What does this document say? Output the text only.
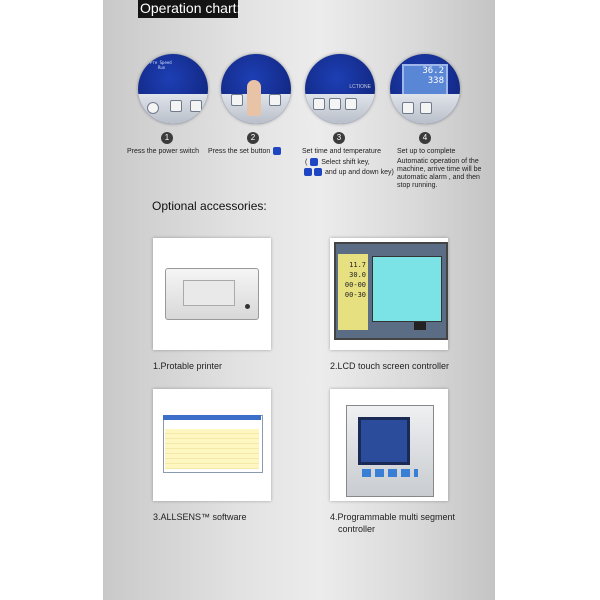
Operation chart:
Pre Speed
Run
LCTIONE
36.2
338
1	2	3	4
Press the power switch Press the set button	Set time and temperature
(  Select shift key,
and up and down key)
Set up to complete
Automatic operation of the
machine, arrive time will be
automatic alarm , and then
stop running.
Optional accessories:
11.7
30.0
00-00
00-30
1.Protable printer	2.LCD touch screen controller
3.ALLSENS™ software	4.Programmable multi segment
controller
